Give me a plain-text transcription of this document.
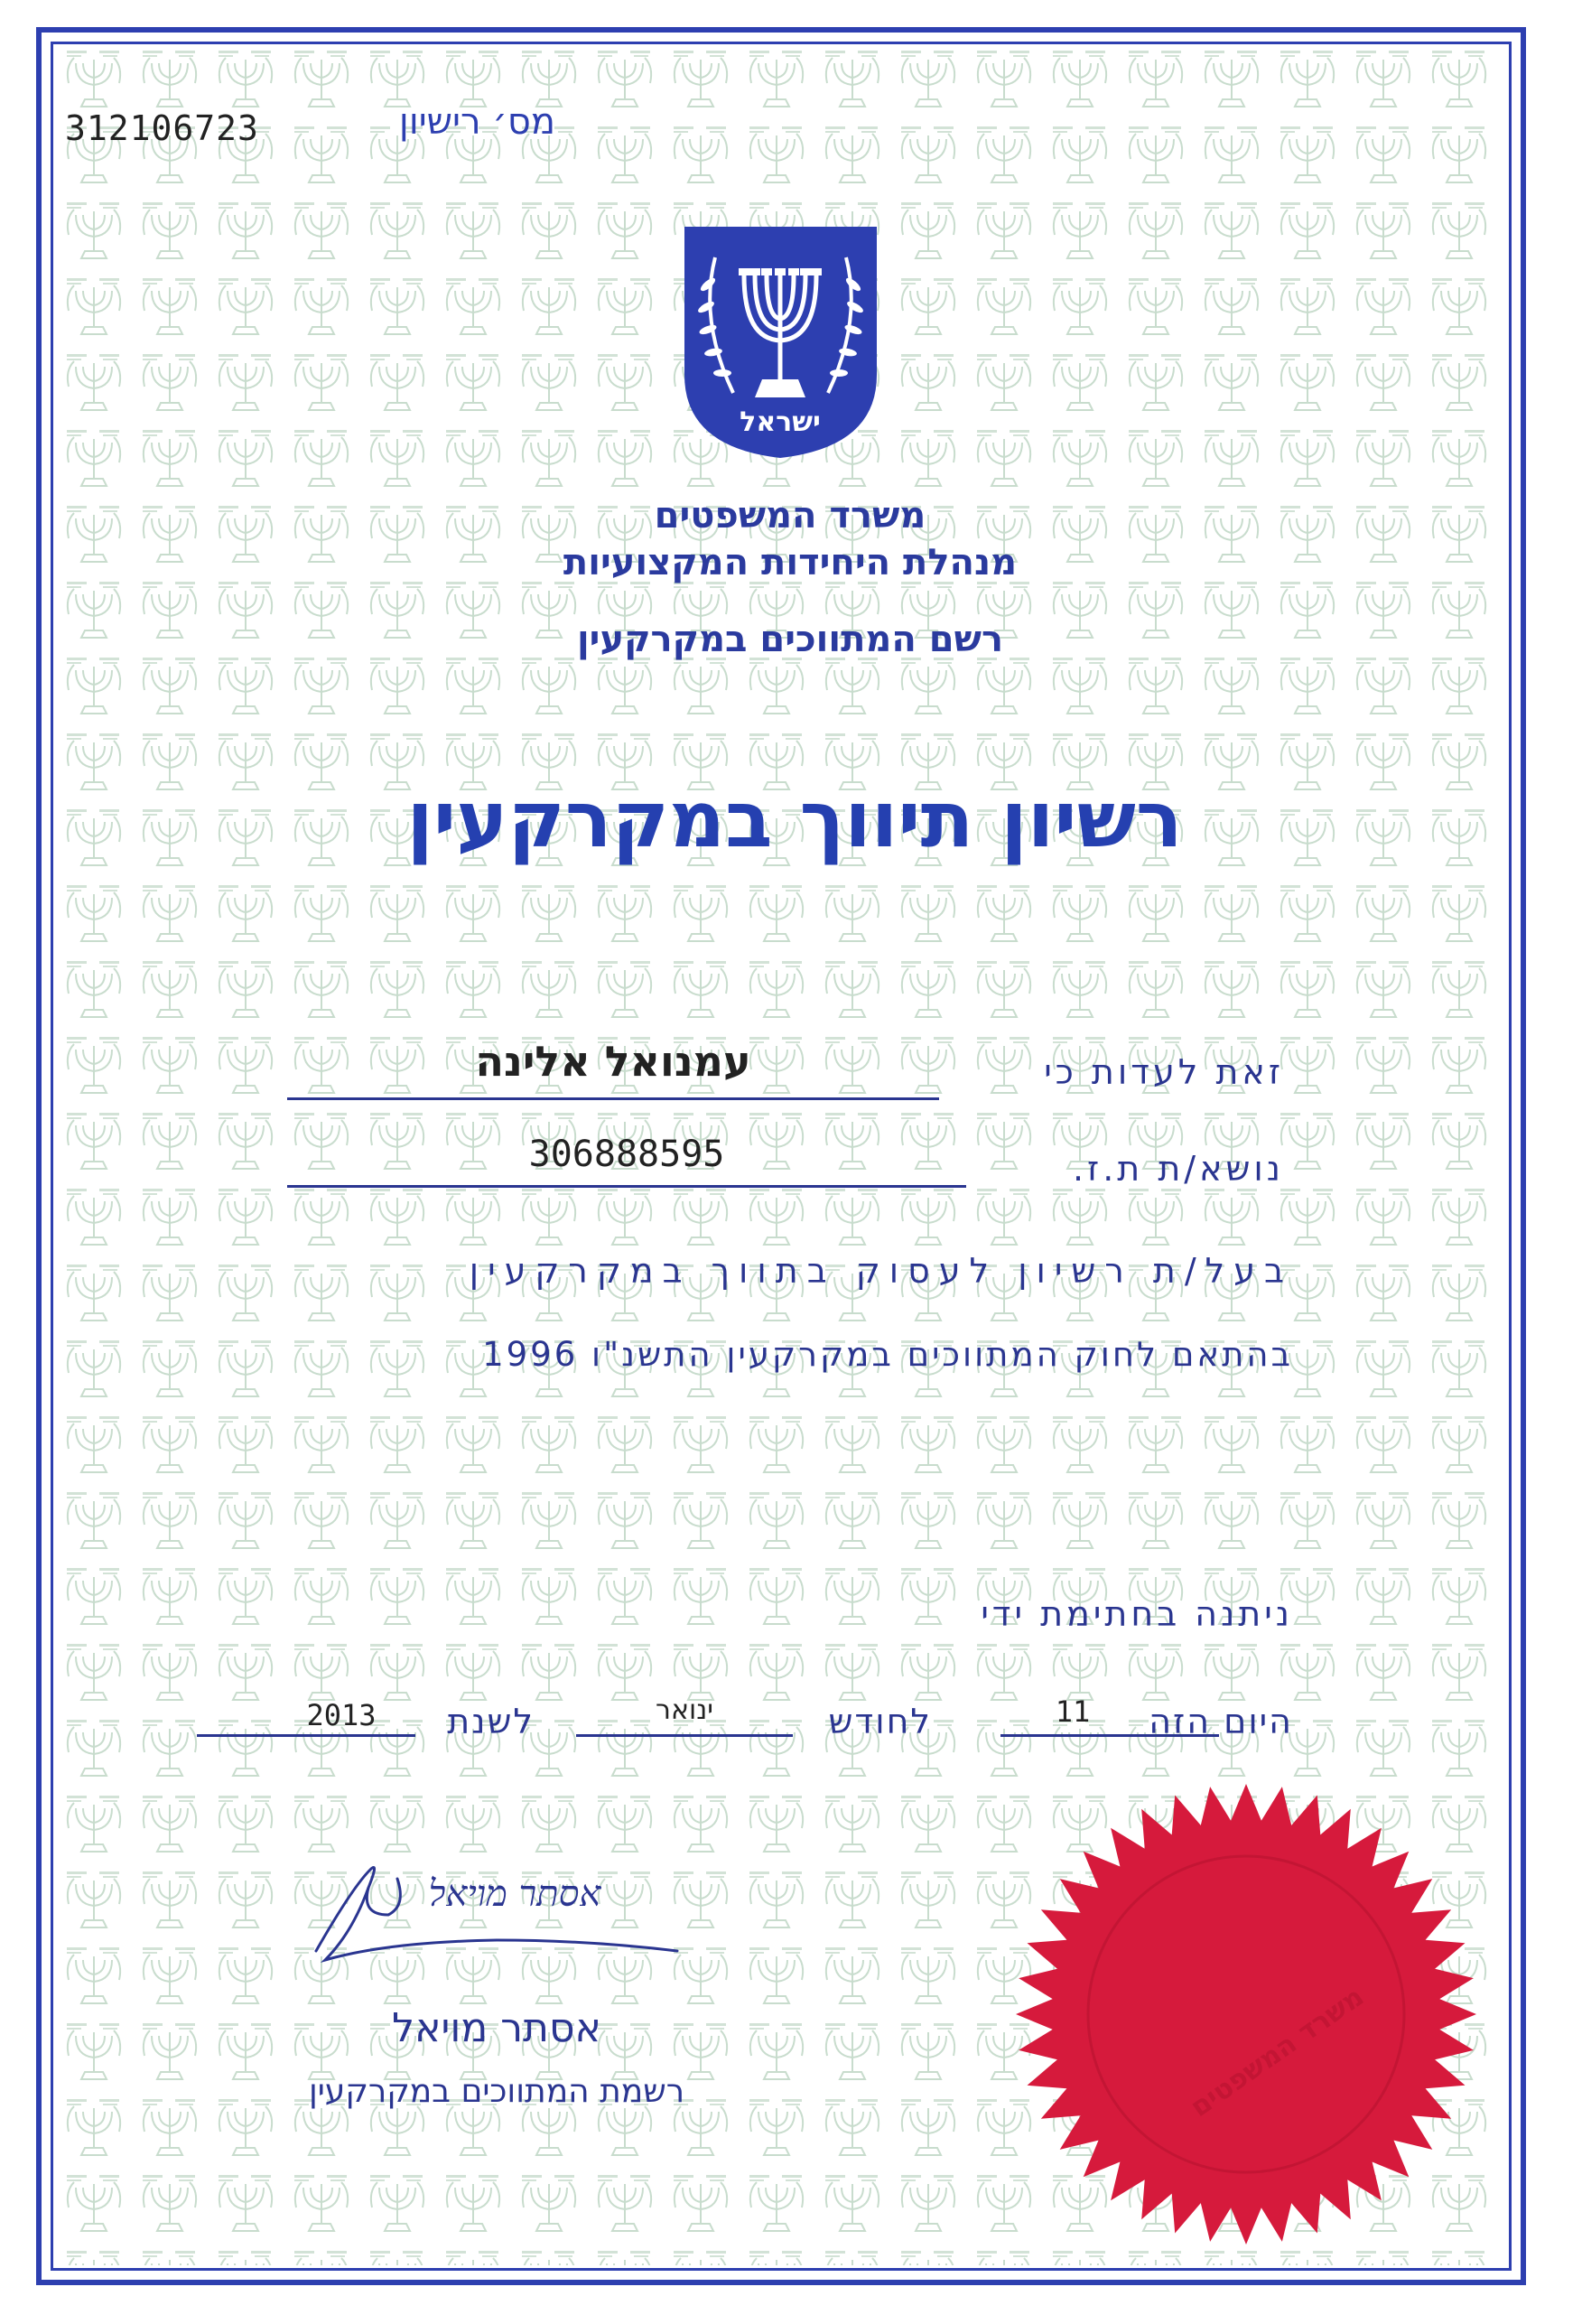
312106723	מס׳ רישיון
ישראל
משרד המשפטים
מנהלת היחידות המקצועיות
רשם המתווכים במקרקעין
רשיון תיווך במקרקעין
זאת לעדות כי
עמנואל אלינה
נושא/ת ת.ז.
306888595
בעל/ת רשיון לעסוק בתווך במקרקעין
בהתאם לחוק המתווכים במקרקעין התשנ"ו 1996
ניתנה בחתימת ידי
היום הזה
11
לחודש
ינואר
לשנת
2013
אסתר מויאל
אסתר מויאל
רשמת המתווכים במקרקעין	משרד המשפטים
